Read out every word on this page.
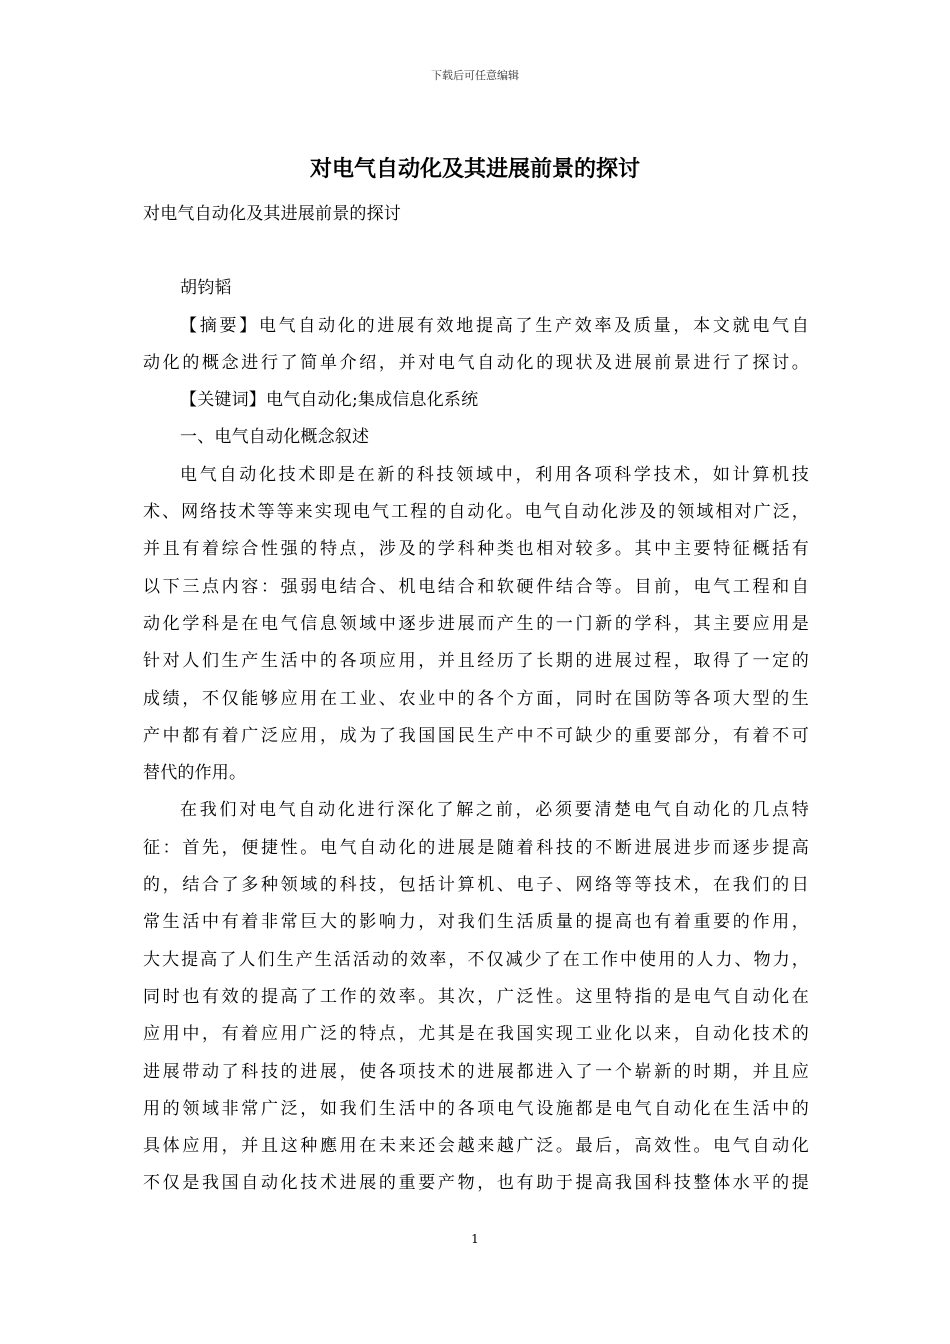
下载后可任意编辑
对电气自动化及其进展前景的探讨

对电气自动化及其进展前景的探讨

胡钧韬

【摘要】电气自动化的进展有效地提高了生产效率及质量，本文就电气自

动化的概念进行了简单介绍，并对电气自动化的现状及进展前景进行了探讨。

【关键词】电气自动化;集成信息化系统

一、电气自动化概念叙述

电气自动化技术即是在新的科技领域中，利用各项科学技术，如计算机技

术、网络技术等等来实现电气工程的自动化。电气自动化涉及的领域相对广泛，

并且有着综合性强的特点，涉及的学科种类也相对较多。其中主要特征概括有

以下三点内容：强弱电结合、机电结合和软硬件结合等。目前，电气工程和自

动化学科是在电气信息领域中逐步进展而产生的一门新的学科，其主要应用是

针对人们生产生活中的各项应用，并且经历了长期的进展过程，取得了一定的

成绩，不仅能够应用在工业、农业中的各个方面，同时在国防等各项大型的生

产中都有着广泛应用，成为了我国国民生产中不可缺少的重要部分，有着不可

替代的作用。

在我们对电气自动化进行深化了解之前，必须要清楚电气自动化的几点特

征：首先，便捷性。电气自动化的进展是随着科技的不断进展进步而逐步提高

的，结合了多种领域的科技，包括计算机、电子、网络等等技术，在我们的日

常生活中有着非常巨大的影响力，对我们生活质量的提高也有着重要的作用，

大大提高了人们生产生活活动的效率，不仅减少了在工作中使用的人力、物力，

同时也有效的提高了工作的效率。其次，广泛性。这里特指的是电气自动化在

应用中，有着应用广泛的特点，尤其是在我国实现工业化以来，自动化技术的

进展带动了科技的进展，使各项技术的进展都进入了一个崭新的时期，并且应

用的领域非常广泛，如我们生活中的各项电气设施都是电气自动化在生活中的

具体应用，并且这种應用在未来还会越来越广泛。最后，高效性。电气自动化

不仅是我国自动化技术进展的重要产物，也有助于提高我国科技整体水平的提

1
